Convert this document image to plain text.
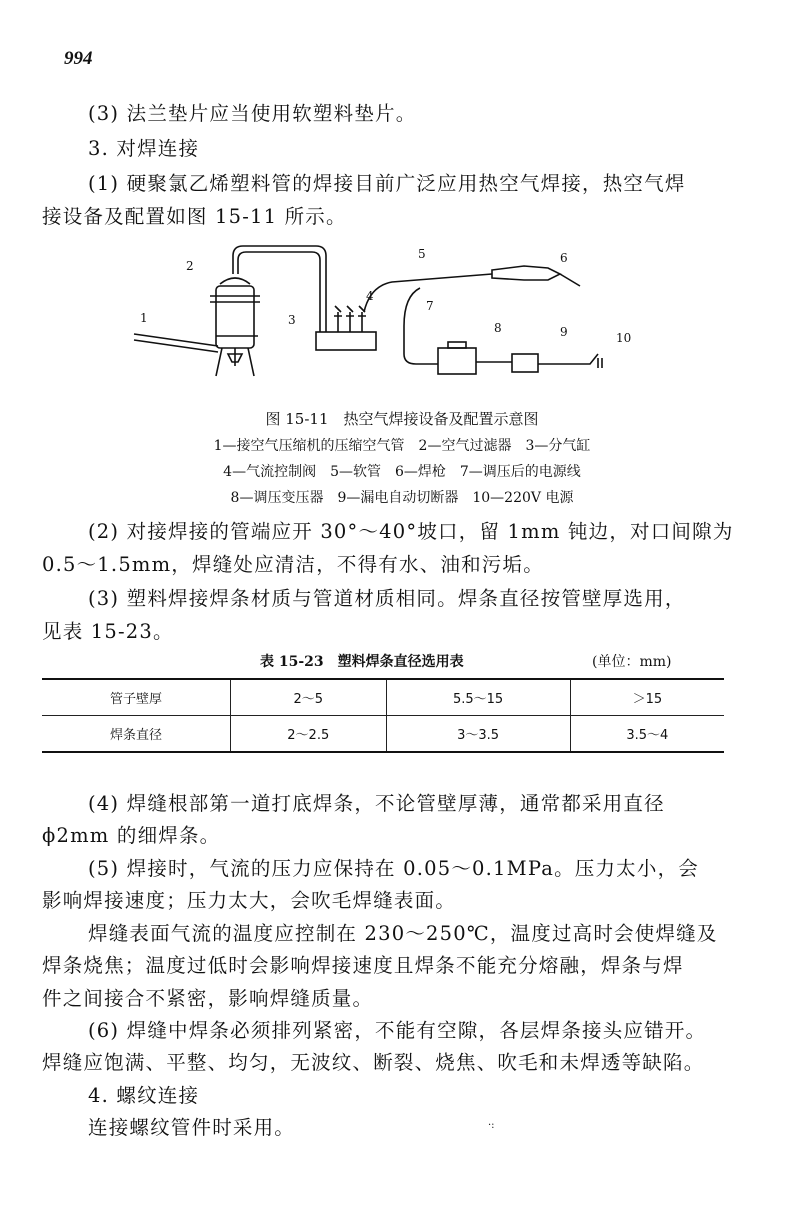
994
(3) 法兰垫片应当使用软塑料垫片。
3. 对焊连接
(1) 硬聚氯乙烯塑料管的焊接目前广泛应用热空气焊接，热空气焊
接设备及配置如图 15-11 所示。
1
2
3
4
5	6
7
8	9	10
图 15-11　热空气焊接设备及配置示意图
1—接空气压缩机的压缩空气管　2—空气过滤器　3—分气缸
4—气流控制阀　5—软管　6—焊枪　7—调压后的电源线
8—调压变压器　9—漏电自动切断器　10—220V 电源
(2) 对接焊接的管端应开 30°～40°坡口，留 1mm 钝边，对口间隙为
0.5～1.5mm，焊缝处应清洁，不得有水、油和污垢。
(3) 塑料焊接焊条材质与管道材质相同。焊条直径按管壁厚选用，
见表 15-23。
表 15-23　塑料焊条直径选用表	(单位：mm)
管子壁厚	2～5	5.5～15	＞15
焊条直径	2～2.5	3～3.5	3.5～4
(4) 焊缝根部第一道打底焊条，不论管壁厚薄，通常都采用直径
ϕ2mm 的细焊条。
(5) 焊接时，气流的压力应保持在 0.05～0.1MPa。压力太小，会
影响焊接速度；压力太大，会吹毛焊缝表面。
焊缝表面气流的温度应控制在 230～250℃，温度过高时会使焊缝及
焊条烧焦；温度过低时会影响焊接速度且焊条不能充分熔融，焊条与焊
件之间接合不紧密，影响焊缝质量。
(6) 焊缝中焊条必须排列紧密，不能有空隙，各层焊条接头应错开。
焊缝应饱满、平整、均匀，无波纹、断裂、烧焦、吹毛和未焊透等缺陷。
4. 螺纹连接
连接螺纹管件时采用。	·:
